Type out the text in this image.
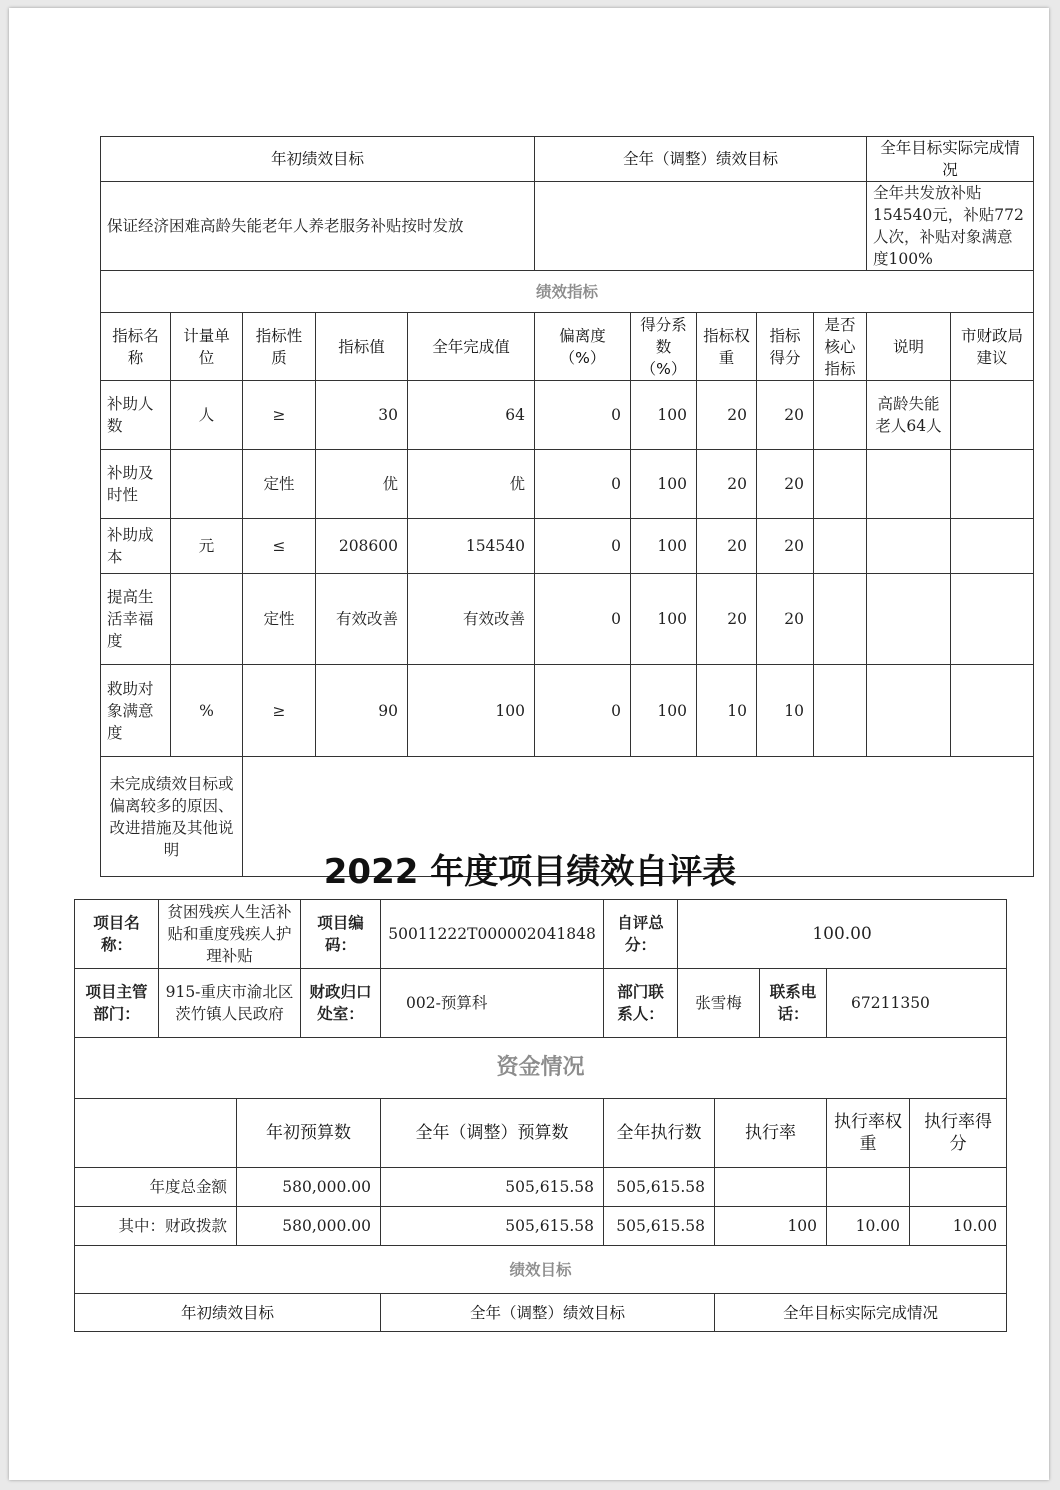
年初绩效目标					全年（调整）绩效目标					全年目标实际完成情况	
保证经济困难高龄失能老年人养老服务补贴按时发放										全年共发放补贴154540元，补贴772人次，补贴对象满意度100%	
绩效指标											
指标名称	计量单位	指标性质	指标值	全年完成值	偏离度（%）	得分系数（%）	指标权重	指标得分	是否核心指标	说明	市财政局建议
补助人数	人	≥	30	64	0	100	20	20		高龄失能老人64人	
补助及时性		定性	优	优	0	100	20	20			
补助成本	元	≤	208600	154540	0	100	20	20			
提高生活幸福度		定性	有效改善	有效改善	0	100	20	20			
救助对象满意度	%	≥	90	100	0	100	10	10			
未完成绩效目标或偏离较多的原因、改进措施及其他说明											
2022 年度项目绩效自评表
项目名称：	贫困残疾人生活补贴和重度残疾人护理补贴		项目编码：	50011222T000002041848	自评总分：	100.00				
项目主管部门：	915-重庆市渝北区茨竹镇人民政府		财政归口处室：	002-预算科	部门联系人：	张雪梅		联系电话：	67211350	
资金情况										
		年初预算数		全年（调整）预算数	全年执行数		执行率		执行率权重	执行率得分
年度总金额		580,000.00		505,615.58	505,615.58					
其中：财政拨款		580,000.00		505,615.58	505,615.58		100		10.00	10.00
绩效目标										
年初绩效目标				全年（调整）绩效目标			全年目标实际完成情况			
